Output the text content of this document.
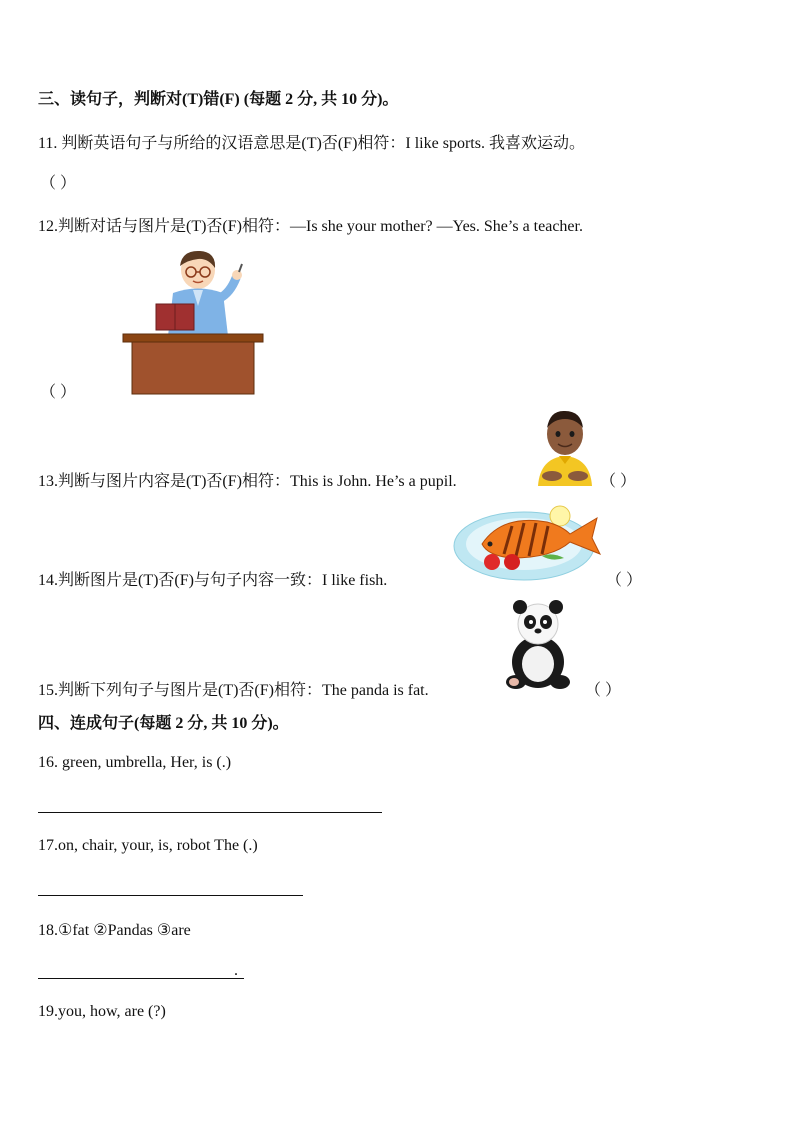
三、读句子，判断对(T)错(F) (每题 2 分, 共 10 分)。
11. 判断英语句子与所给的汉语意思是(T)否(F)相符：I like sports. 我喜欢运动。
（ ）
12.判断对话与图片是(T)否(F)相符：—Is she your mother? —Yes. She’s a teacher.
（ ）
13.判断与图片内容是(T)否(F)相符：This is John. He’s a pupil.	（ ）
14.判断图片是(T)否(F)与句子内容一致：I like fish.	（ ）
15.判断下列句子与图片是(T)否(F)相符：The panda is fat.	（ ）
四、连成句子(每题 2 分, 共 10 分)。
16. green, umbrella, Her, is (.)
17.on, chair, your, is, robot The (.)
18.①fat ②Pandas ③are
.
19.you, how, are (?)
